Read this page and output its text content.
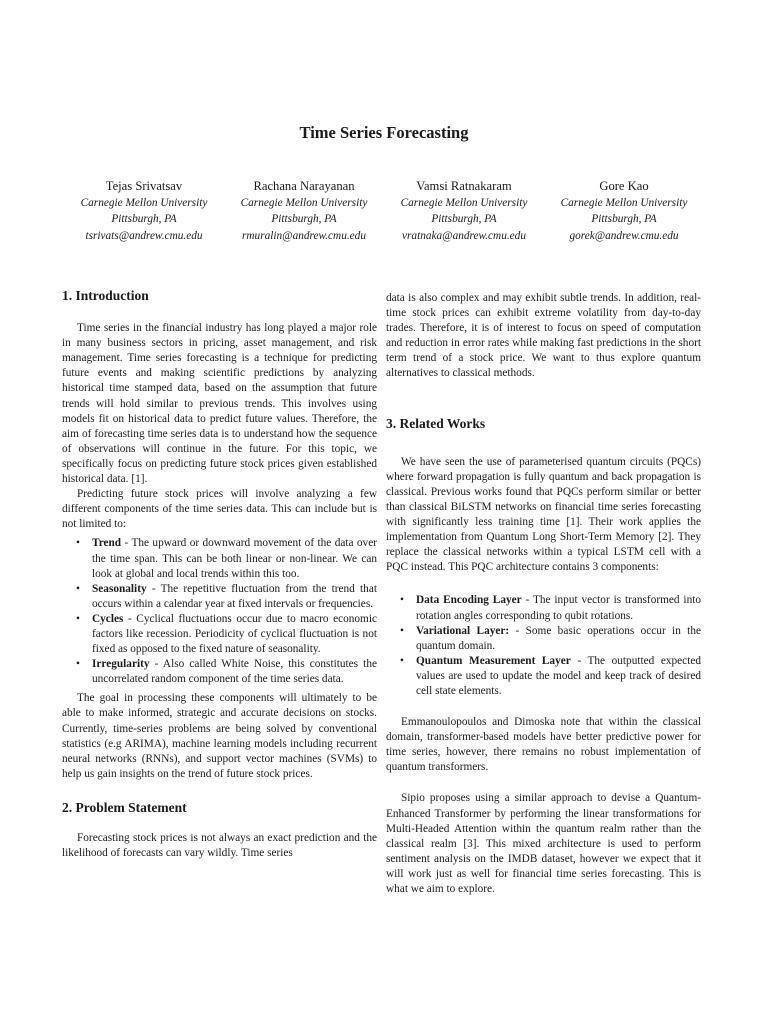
Time Series Forecasting
Tejas Srivatsav
Carnegie Mellon University
Pittsburgh, PA
tsrivats@andrew.cmu.edu
Rachana Narayanan
Carnegie Mellon University
Pittsburgh, PA
rmuralin@andrew.cmu.edu
Vamsi Ratnakaram
Carnegie Mellon University
Pittsburgh, PA
vratnaka@andrew.cmu.edu
Gore Kao
Carnegie Mellon University
Pittsburgh, PA
gorek@andrew.cmu.edu
1. Introduction

Time series in the financial industry has long played a major role in many business sectors in pricing, asset management, and risk management. Time series forecasting is a technique for predicting future events and making scientific predictions by analyzing historical time stamped data, based on the assumption that future trends will hold similar to previous trends. This involves using models fit on historical data to predict future values. Therefore, the aim of forecasting time series data is to understand how the sequence of observations will continue in the future. For this topic, we specifically focus on predicting future stock prices given established historical data. [1].

Predicting future stock prices will involve analyzing a few different components of the time series data. This can include but is not limited to:

• Trend - The upward or downward movement of the data over the time span. This can be both linear or non-linear. We can look at global and local trends within this too.
• Seasonality - The repetitive fluctuation from the trend that occurs within a calendar year at fixed intervals or frequencies.
• Cycles - Cyclical fluctuations occur due to macro economic factors like recession. Periodicity of cyclical fluctuation is not fixed as opposed to the fixed nature of seasonality.
• Irregularity - Also called White Noise, this constitutes the uncorrelated random component of the time series data.

The goal in processing these components will ultimately to be able to make informed, strategic and accurate decisions on stocks. Currently, time-series problems are being solved by conventional statistics (e.g ARIMA), machine learning models including recurrent neural networks (RNNs), and support vector machines (SVMs) to help us gain insights on the trend of future stock prices.

2. Problem Statement

Forecasting stock prices is not always an exact prediction and the likelihood of forecasts can vary wildly. Time series

data is also complex and may exhibit subtle trends. In addition, real-time stock prices can exhibit extreme volatility from day-to-day trades. Therefore, it is of interest to focus on speed of computation and reduction in error rates while making fast predictions in the short term trend of a stock price. We want to thus explore quantum alternatives to classical methods.

3. Related Works

We have seen the use of parameterised quantum circuits (PQCs) where forward propagation is fully quantum and back propagation is classical. Previous works found that PQCs perform similar or better than classical BiLSTM networks on financial time series forecasting with significantly less training time [1]. Their work applies the implementation from Quantum Long Short-Term Memory [2]. They replace the classical networks within a typical LSTM cell with a PQC instead. This PQC architecture contains 3 components:

• Data Encoding Layer - The input vector is transformed into rotation angles corresponding to qubit rotations.
• Variational Layer: - Some basic operations occur in the quantum domain.
• Quantum Measurement Layer - The outputted expected values are used to update the model and keep track of desired cell state elements.

Emmanoulopoulos and Dimoska note that within the classical domain, transformer-based models have better predictive power for time series, however, there remains no robust implementation of quantum transformers.

Sipio proposes using a similar approach to devise a Quantum-Enhanced Transformer by performing the linear transformations for Multi-Headed Attention within the quantum realm rather than the classical realm [3]. This mixed architecture is used to perform sentiment analysis on the IMDB dataset, however we expect that it will work just as well for financial time series forecasting. This is what we aim to explore.
